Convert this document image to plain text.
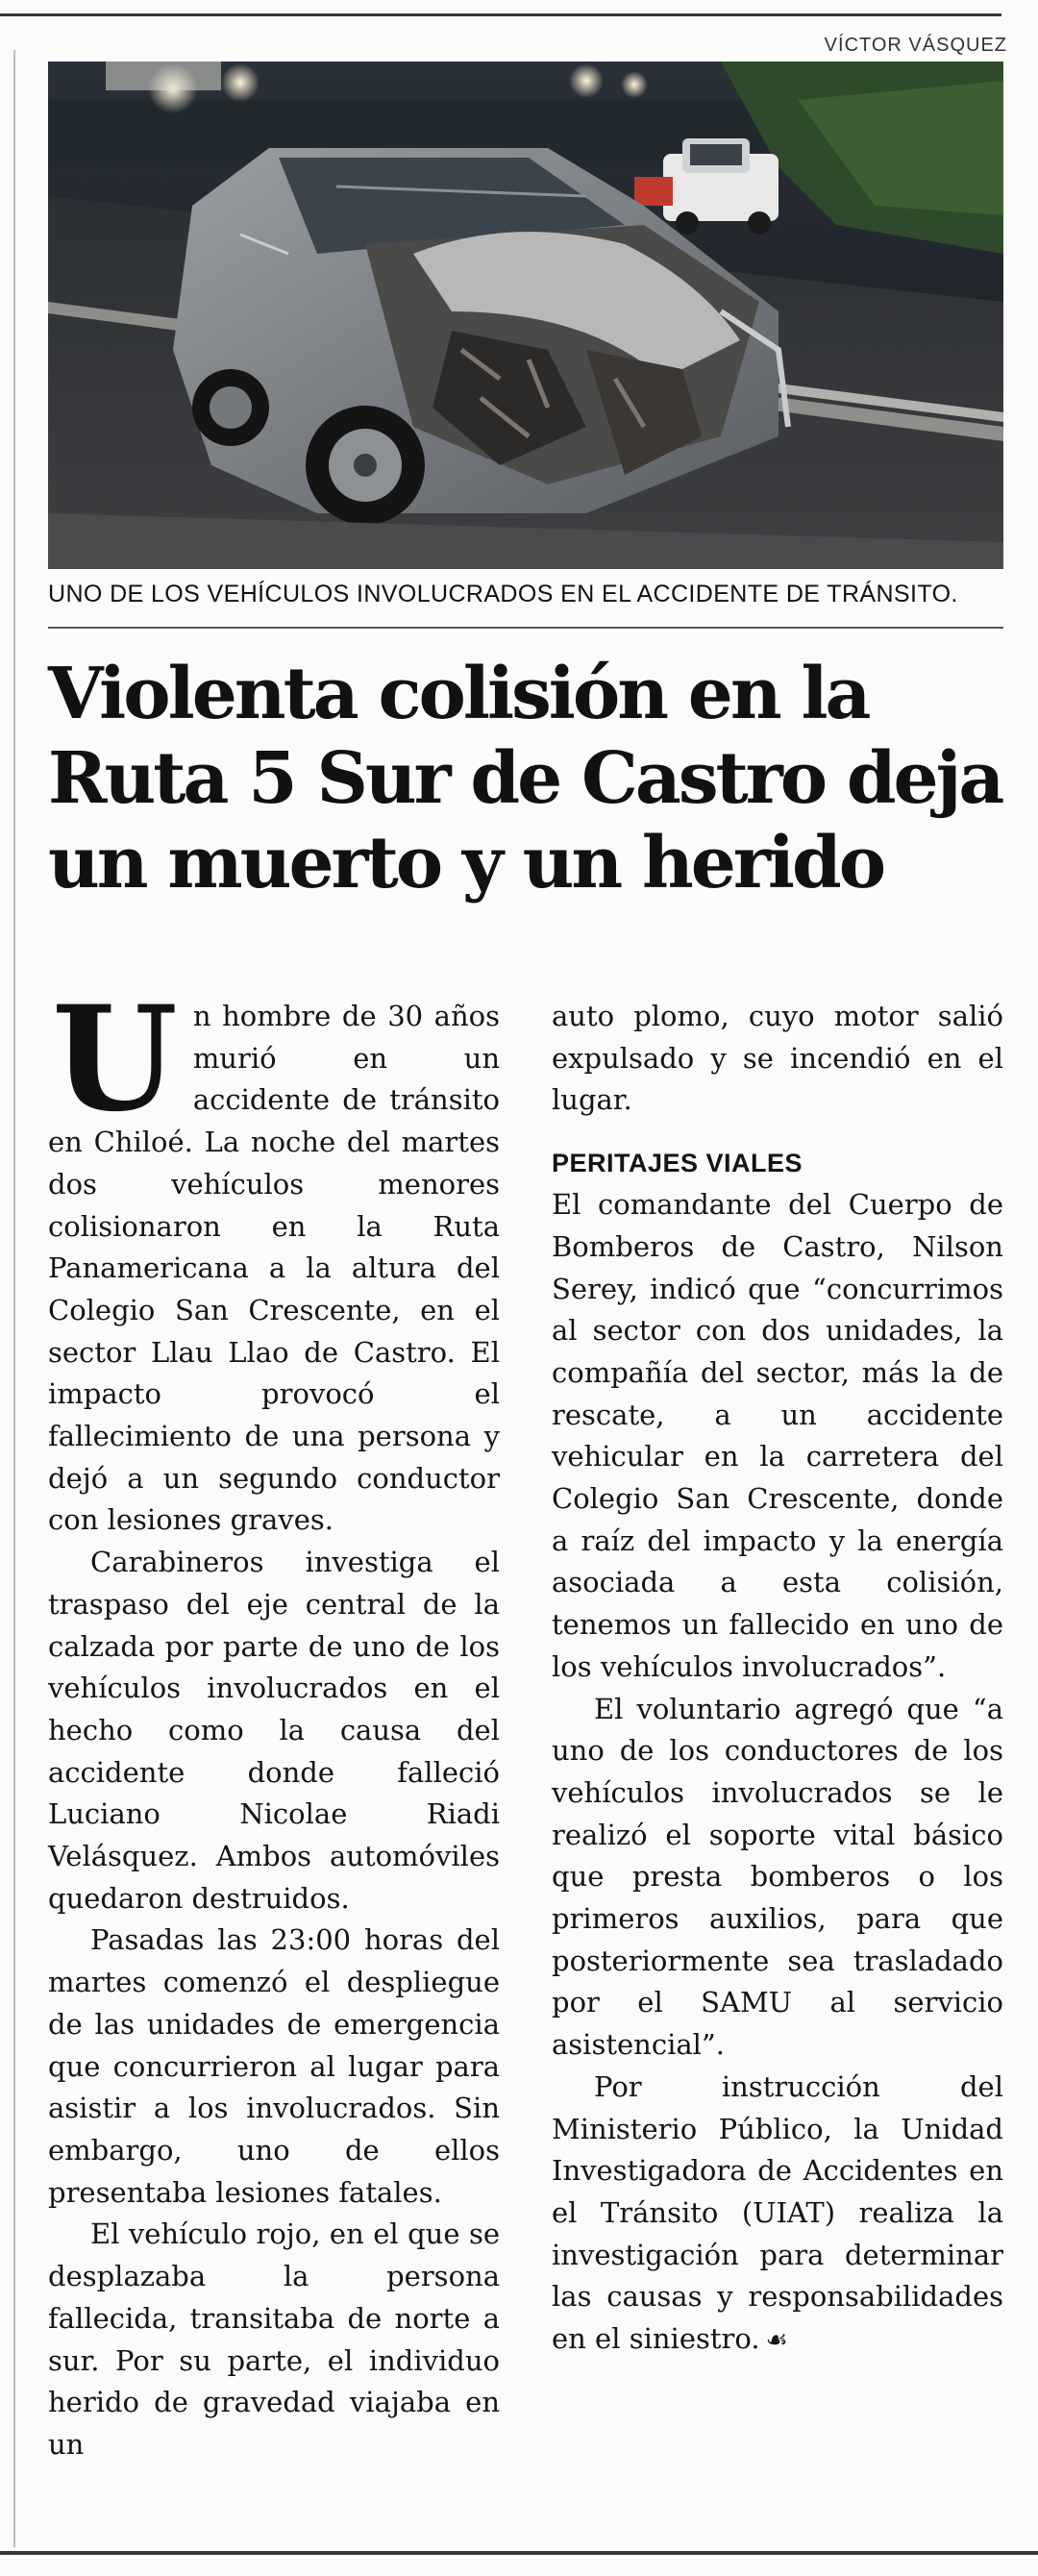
VÍCTOR VÁSQUEZ
UNO DE LOS VEHÍCULOS INVOLUCRADOS EN EL ACCIDENTE DE TRÁNSITO.
Violenta colisión en la Ruta 5 Sur de Castro deja un muerto y un herido

Un hombre de 30 años murió en un accidente de tránsito en Chiloé. La noche del martes dos vehículos menores colisionaron en la Ruta Panamericana a la altura del Colegio San Crescente, en el sector Llau Llao de Castro. El impacto provocó el fallecimiento de una persona y dejó a un segundo conductor con lesiones graves.

Carabineros investiga el traspaso del eje central de la calzada por parte de uno de los vehículos involucrados en el hecho como la causa del accidente donde falleció Luciano Nicolae Riadi Velásquez. Ambos automóviles quedaron destruidos.

Pasadas las 23:00 horas del martes comenzó el despliegue de las unidades de emergencia que concurrieron al lugar para asistir a los involucrados. Sin embargo, uno de ellos presentaba lesiones fatales.

El vehículo rojo, en el que se desplazaba la persona fallecida, transitaba de norte a sur. Por su parte, el individuo herido de gravedad viajaba en un

auto plomo, cuyo motor salió expulsado y se incendió en el lugar.

PERITAJES VIALES

El comandante del Cuerpo de Bomberos de Castro, Nilson Serey, indicó que “concurrimos al sector con dos unidades, la compañía del sector, más la de rescate, a un accidente vehicular en la carretera del Colegio San Crescente, donde a raíz del impacto y la energía asociada a esta colisión, tenemos un fallecido en uno de los vehículos involucrados”.

El voluntario agregó que “a uno de los conductores de los vehículos involucrados se le realizó el soporte vital básico que presta bomberos o los primeros auxilios, para que posteriormente sea trasladado por el SAMU al servicio asistencial”.

Por instrucción del Ministerio Público, la Unidad Investigadora de Accidentes en el Tránsito (UIAT) realiza la investigación para determinar las causas y responsabilidades en el siniestro. ☙
